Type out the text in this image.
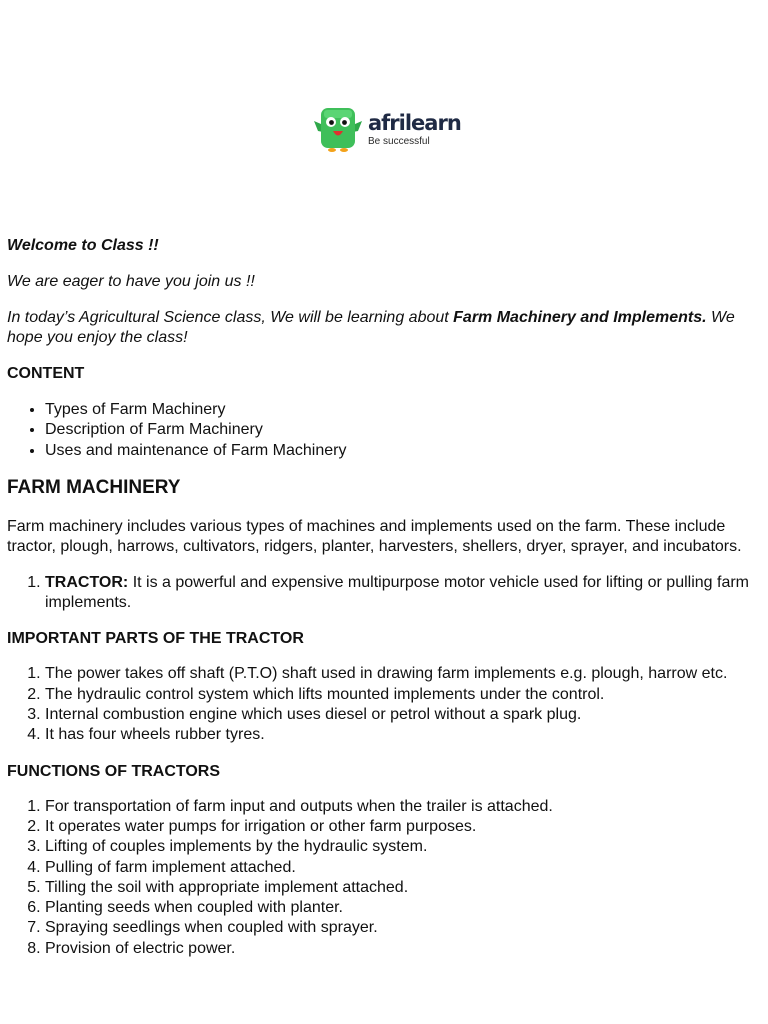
afrilearn
Be successful

Welcome to Class !!

We are eager to have you join us !!

In today’s Agricultural Science class, We will be learning about Farm Machinery and Implements. We hope you enjoy the class!

CONTENT

• Types of Farm Machinery
• Description of Farm Machinery
• Uses and maintenance of Farm Machinery
FARM MACHINERY

Farm machinery includes various types of machines and implements used on the farm. These include tractor, plough, harrows, cultivators, ridgers, planter, harvesters, shellers, dryer, sprayer, and incubators.

1. TRACTOR: It is a powerful and expensive multipurpose motor vehicle used for lifting or pulling farm implements.
IMPORTANT PARTS OF THE TRACTOR
1. The power takes off shaft (P.T.O) shaft used in drawing farm implements e.g. plough, harrow etc.
2. The hydraulic control system which lifts mounted implements under the control.
3. Internal combustion engine which uses diesel or petrol without a spark plug.
4. It has four wheels rubber tyres.
FUNCTIONS OF TRACTORS
1. For transportation of farm input and outputs when the trailer is attached.
2. It operates water pumps for irrigation or other farm purposes.
3. Lifting of couples implements by the hydraulic system.
4. Pulling of farm implement attached.
5. Tilling the soil with appropriate implement attached.
6. Planting seeds when coupled with planter.
7. Spraying seedlings when coupled with sprayer.
8. Provision of electric power.
